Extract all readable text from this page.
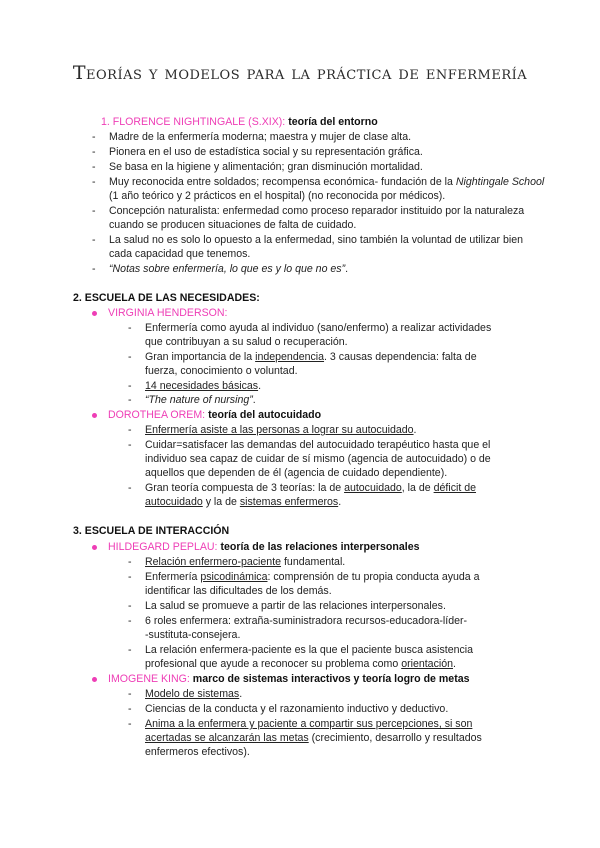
Teorías y modelos para la práctica de enfermería
1. FLORENCE NIGHTINGALE (S.XIX): teoría del entorno
- Madre de la enfermería moderna; maestra y mujer de clase alta.
- Pionera en el uso de estadística social y su representación gráfica.
- Se basa en la higiene y alimentación; gran disminución mortalidad.
- Muy reconocida entre soldados; recompensa económica- fundación de la Nightingale School
(1 año teórico y 2 prácticos en el hospital) (no reconocida por médicos).
- Concepción naturalista: enfermedad como proceso reparador instituido por la naturaleza
cuando se producen situaciones de falta de cuidado.
- La salud no es solo lo opuesto a la enfermedad, sino también la voluntad de utilizar bien
cada capacidad que tenemos.
- “Notas sobre enfermería, lo que es y lo que no es”.
2. ESCUELA DE LAS NECESIDADES:
VIRGINIA HENDERSON:
- Enfermería como ayuda al individuo (sano/enfermo) a realizar actividades
que contribuyan a su salud o recuperación.
- Gran importancia de la independencia. 3 causas dependencia: falta de
fuerza, conocimiento o voluntad.
- 14 necesidades básicas.
- “The nature of nursing”.
DOROTHEA OREM: teoría del autocuidado
- Enfermería asiste a las personas a lograr su autocuidado.
- Cuidar=satisfacer las demandas del autocuidado terapéutico hasta que el
individuo sea capaz de cuidar de sí mismo (agencia de autocuidado) o de
aquellos que dependen de él (agencia de cuidado dependiente).
- Gran teoría compuesta de 3 teorías: la de autocuidado, la de déficit de
autocuidado y la de sistemas enfermeros.
3. ESCUELA DE INTERACCIÓN
HILDEGARD PEPLAU: teoría de las relaciones interpersonales
- Relación enfermero-paciente fundamental.
- Enfermería psicodinámica: comprensión de tu propia conducta ayuda a
identificar las dificultades de los demás.
- La salud se promueve a partir de las relaciones interpersonales.
- 6 roles enfermera: extraña-suministradora recursos-educadora-líder-
-sustituta-consejera.
- La relación enfermera-paciente es la que el paciente busca asistencia
profesional que ayude a reconocer su problema como orientación.
IMOGENE KING: marco de sistemas interactivos y teoría logro de metas
- Modelo de sistemas.
- Ciencias de la conducta y el razonamiento inductivo y deductivo.
- Anima a la enfermera y paciente a compartir sus percepciones, si son
acertadas se alcanzarán las metas (crecimiento, desarrollo y resultados
enfermeros efectivos).
